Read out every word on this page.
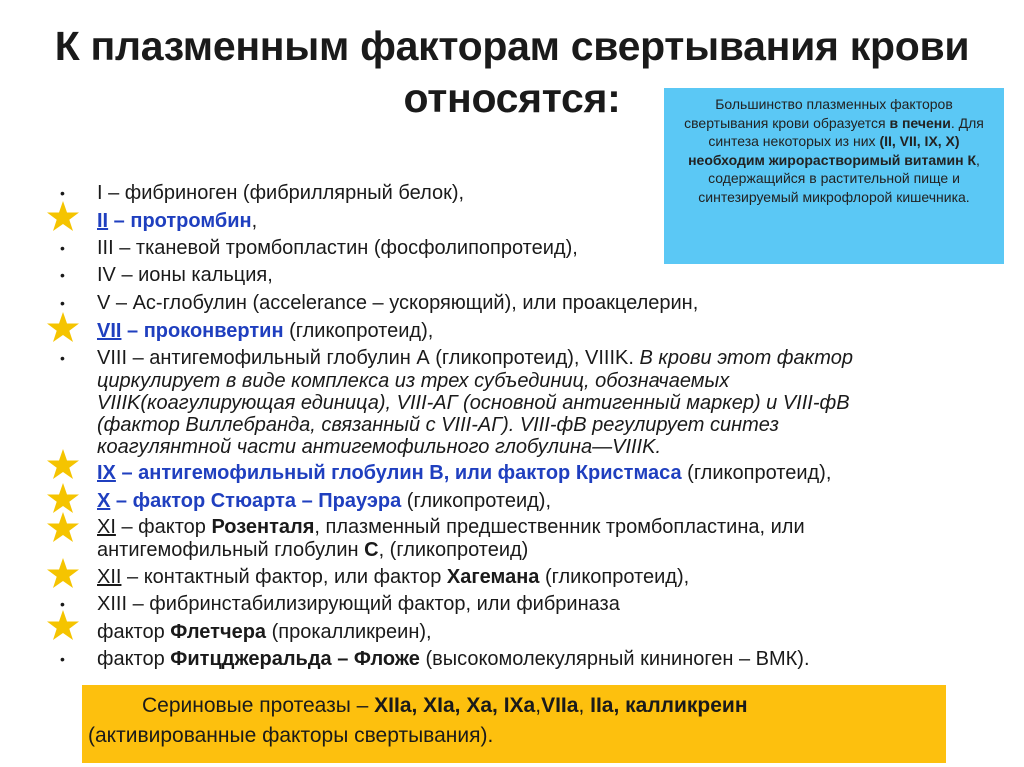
К плазменным факторам свертывания крови

относятся:	Большинство плазменных факторов свертывания крови образуется в печени. Для синтеза некоторых из них (II, VII, IX, X) необходим жирорастворимый витамин К, содержащийся в растительной пище и синтезируемый микрофлорой кишечника.
• I – фибриноген (фибриллярный белок),
II – протромбин,
• III – тканевой тромбопластин (фосфолипопротеид),
• IV – ионы кальция,
• V – Ас-глобулин (accelerance – ускоряющий), или проакцелерин,
VII – проконвертин (гликопротеид),
• VIII – антигемофильный глобулин А (гликопротеид), VIIIK. В крови этот фактор
циркулирует в виде комплекса из трех субъединиц, обозначаемых
VIIIK(коагулирующая единица), VIII-АГ (основной антигенный маркер) и VIII-фВ
(фактор Виллебранда, связанный с VIII-АГ). VIII-фВ регулирует синтез
коагулянтной части антигемофильного глобулина—VIIIK.
IX – антигемофильный глобулин В, или фактор Кристмаса (гликопротеид),
X – фактор Стюарта – Прауэра (гликопротеид),
XI – фактор Розенталя, плазменный предшественник тромбопластина, или
антигемофильный глобулин С, (гликопротеид)
XII – контактный фактор, или фактор Хагемана (гликопротеид),
• XIII – фибринстабилизирующий фактор, или фибриназа
фактор Флетчера (прокалликреин),
• фактор Фитцджеральда – Фложе (высокомолекулярный кининоген – ВМК).
Сериновые протеазы – XIIa, XIa, Xa, IXa,VIIa, IIa, калликреин
(активированные факторы свертывания).
